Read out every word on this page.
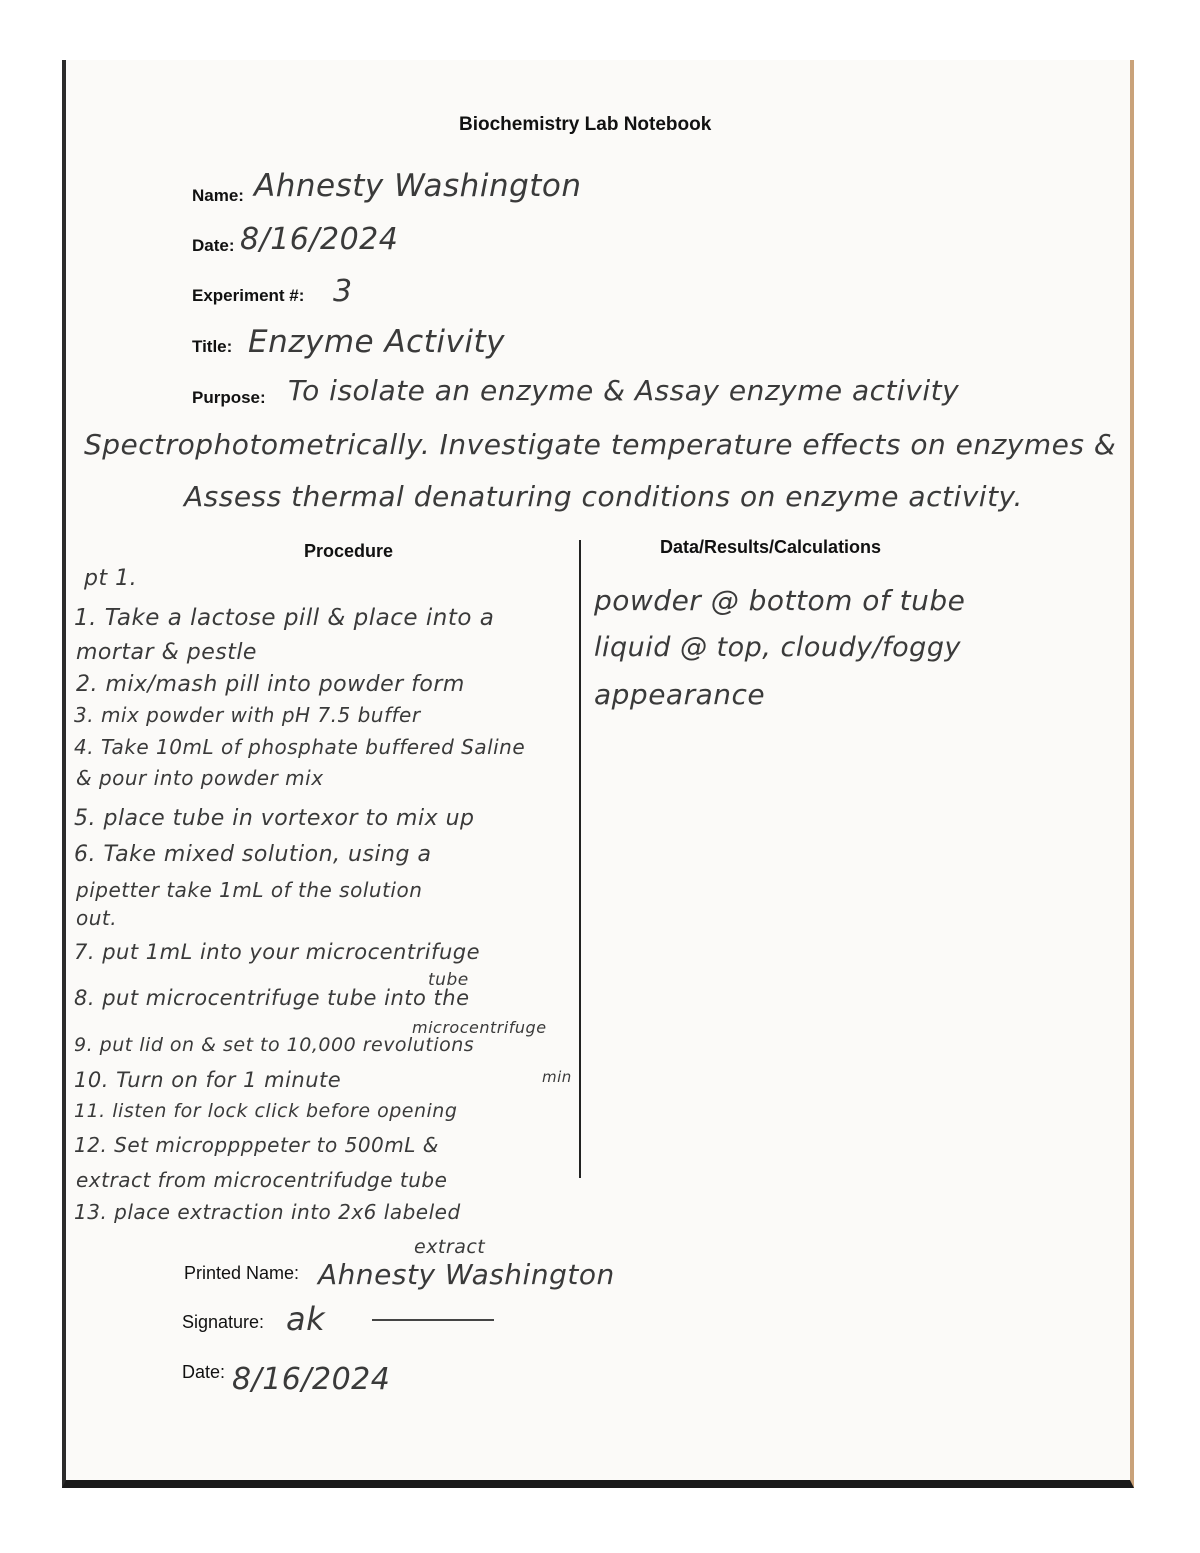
Biochemistry Lab Notebook
Name: Ahnesty Washington
Date: 8/16/2024
Experiment #: 3
Title: Enzyme Activity
Purpose: To isolate an enzyme & Assay enzyme activity
Spectrophotometrically. Investigate temperature effects on enzymes &
Assess thermal denaturing conditions on enzyme activity.
Procedure	Data/Results/Calculations
pt 1.
1. Take a lactose pill & place into a
mortar & pestle
2. mix/mash pill into powder form
3. mix powder with pH 7.5 buffer
4. Take 10mL of phosphate buffered Saline
& pour into powder mix
5. place tube in vortexor to mix up
6. Take mixed solution, using a
pipetter take 1mL of the solution
out.
7. put 1mL into your microcentrifuge
tube
8. put microcentrifuge tube into the
microcentrifuge
9. put lid on & set to 10,000 revolutions
min
10. Turn on for 1 minute
11. listen for lock click before opening
12. Set microppppeter to 500mL &
extract from microcentrifudge tube
13. place extraction into 2x6 labeled
extract
powder @ bottom of tube
liquid @ top, cloudy/foggy
appearance
Printed Name: Ahnesty Washington
Signature: ak
Date: 8/16/2024
